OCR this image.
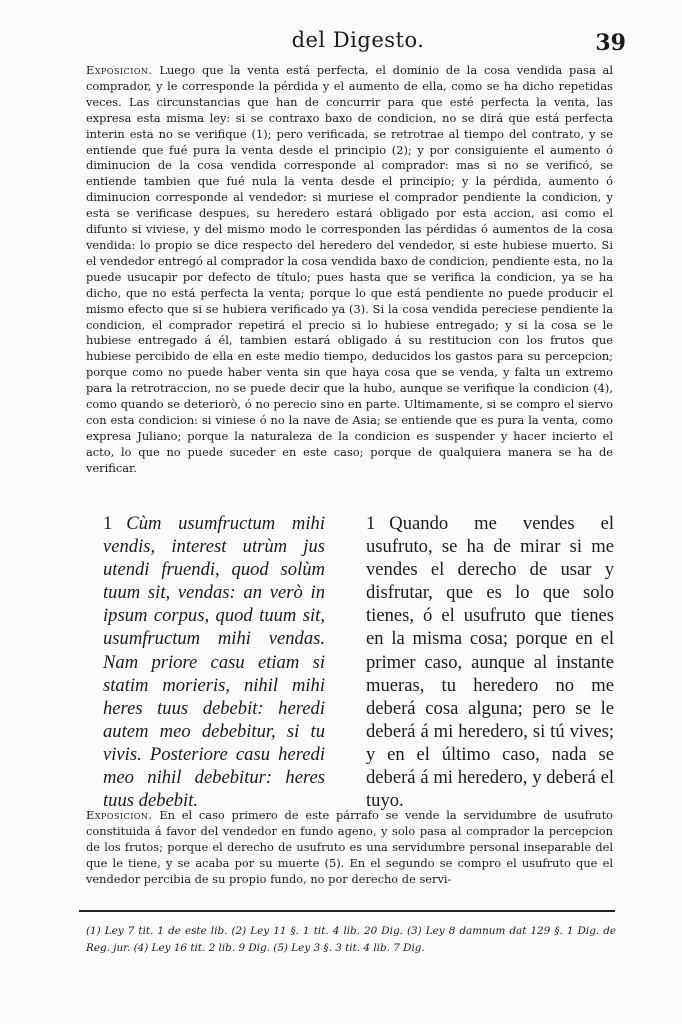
del Digesto.	39

Exposicion. Luego que la venta está perfecta, el dominio de la cosa vendida pasa al comprador, y le corresponde la pérdida y el aumento de ella, como se ha dicho repetidas veces. Las circunstancias que han de concurrir para que esté perfecta la venta, las expresa esta misma ley: si se contraxo baxo de condicion, no se dirá que está perfecta interin esta no se verifique (1); pero verificada, se retrotrae al tiempo del contrato, y se entiende que fué pura la venta desde el principio (2); y por consiguiente el aumento ó diminucion de la cosa vendida corresponde al comprador: mas si no se verificó, se entiende tambien que fué nula la venta desde el principio; y la pérdida, aumento ó diminucion corresponde al vendedor: si muriese el comprador pendiente la condicion, y esta se verificase despues, su heredero estará obligado por esta accion, asi como el difunto si viviese, y del mismo modo le corresponden las pérdidas ó aumentos de la cosa vendida: lo propio se dice respecto del heredero del vendedor, si este hubiese muerto. Si el vendedor entregó al comprador la cosa vendida baxo de condicion, pendiente esta, no la puede usucapir por defecto de título; pues hasta que se verifica la condicion, ya se ha dicho, que no está perfecta la venta; porque lo que está pendiente no puede producir el mismo efecto que si se hubiera verificado ya (3). Si la cosa vendida pereciese pendiente la condicion, el comprador repetirá el precio si lo hubiese entregado; y si la cosa se le hubiese entregado á él, tambien estará obligado á su restitucion con los frutos que hubiese percibido de ella en este medio tiempo, deducidos los gastos para su percepcion; porque como no puede haber venta sin que haya cosa que se venda, y falta un extremo para la retrotraccion, no se puede decir que la hubo, aunque se verifique la condicion (4), como quando se deteriorò, ó no perecio sino en parte. Ultimamente, si se compro el siervo con esta condicion: si viniese ó no la nave de Asia; se entiende que es pura la venta, como expresa Juliano; porque la naturaleza de la condicion es suspender y hacer incierto el acto, lo que no puede suceder en este caso; porque de qualquiera manera se ha de verificar.

1 Cùm usumfructum mihi vendis, interest utrùm jus utendi fruendi, quod solùm tuum sit, vendas: an verò in ipsum corpus, quod tuum sit, usumfructum mihi vendas. Nam priore casu etiam si statim morieris, nihil mihi heres tuus debebit: heredi autem meo debebitur, si tu vivis. Posteriore casu heredi meo nihil debebitur: heres tuus debebit.

1 Quando me vendes el usufruto, se ha de mirar si me vendes el derecho de usar y disfrutar, que es lo que solo tienes, ó el usufruto que tienes en la misma cosa; porque en el primer caso, aunque al instante mueras, tu heredero no me deberá cosa alguna; pero se le deberá á mi heredero, si tú vives; y en el último caso, nada se deberá á mi heredero, y deberá el tuyo.

Exposicion. En el caso primero de este párrafo se vende la servidumbre de usufruto constituida á favor del vendedor en fundo ageno, y solo pasa al comprador la percepcion de los frutos; porque el derecho de usufruto es una servidumbre personal inseparable del que le tiene, y se acaba por su muerte (5). En el segundo se compro el usufruto que el vendedor percibia de su propio fundo, no por derecho de servi-

(1) Ley 7 tit. 1 de este lib. (2) Ley 11 §. 1 tit. 4 lib. 20 Dig. (3) Ley 8 damnum dat 129 §. 1 Dig. de Reg. jur. (4) Ley 16 tit. 2 lib. 9 Dig. (5) Ley 3 §. 3 tit. 4 lib. 7 Dig.
